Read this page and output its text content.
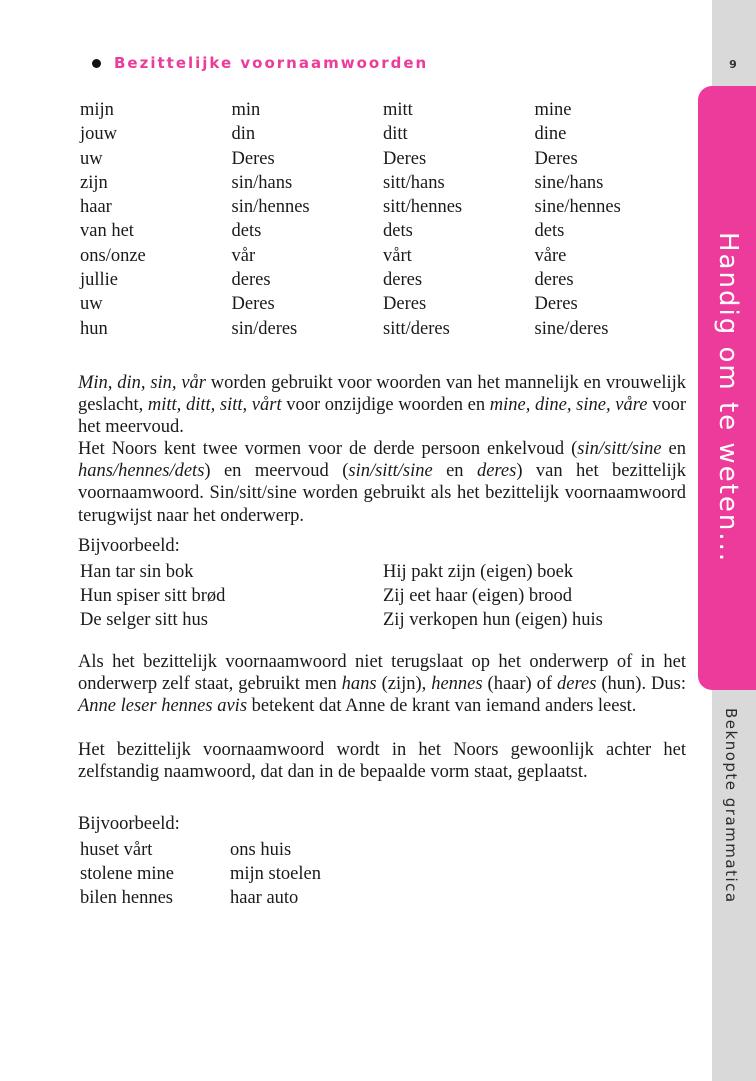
9
Handig om te weten...
Beknopte grammatica
Bezittelijke voornaamwoorden
mijn	min	mitt	mine
jouw	din	ditt	dine
uw	Deres	Deres	Deres
zijn	sin/hans	sitt/hans	sine/hans
haar	sin/hennes	sitt/hennes	sine/hennes
van het	dets	dets	dets
ons/onze	vår	vårt	våre
jullie	deres	deres	deres
uw	Deres	Deres	Deres
hun	sin/deres	sitt/deres	sine/deres

Min, din, sin, vår worden gebruikt voor woorden van het mannelijk en vrouwelijk geslacht, mitt, ditt, sitt, vårt voor onzijdige woorden en mine, dine, sine, våre voor het meervoud.

Het Noors kent twee vormen voor de derde persoon enkelvoud (sin/sitt/sine en hans/hennes/dets) en meervoud (sin/sitt/sine en deres) van het bezittelijk voornaamwoord. Sin/sitt/sine worden gebruikt als het bezittelijk voornaamwoord terugwijst naar het onderwerp.

Bijvoorbeeld:
Han tar sin bok	Hij pakt zijn (eigen) boek
Hun spiser sitt brød	Zij eet haar (eigen) brood
De selger sitt hus	Zij verkopen hun (eigen) huis

Als het bezittelijk voornaamwoord niet terugslaat op het onderwerp of in het onderwerp zelf staat, gebruikt men hans (zijn), hennes (haar) of deres (hun). Dus: Anne leser hennes avis betekent dat Anne de krant van iemand anders leest.

Het bezittelijk voornaamwoord wordt in het Noors gewoonlijk achter het zelfstandig naamwoord, dat dan in de bepaalde vorm staat, geplaatst.

Bijvoorbeeld:
huset vårt	ons huis
stolene mine	mijn stoelen
bilen hennes	haar auto
